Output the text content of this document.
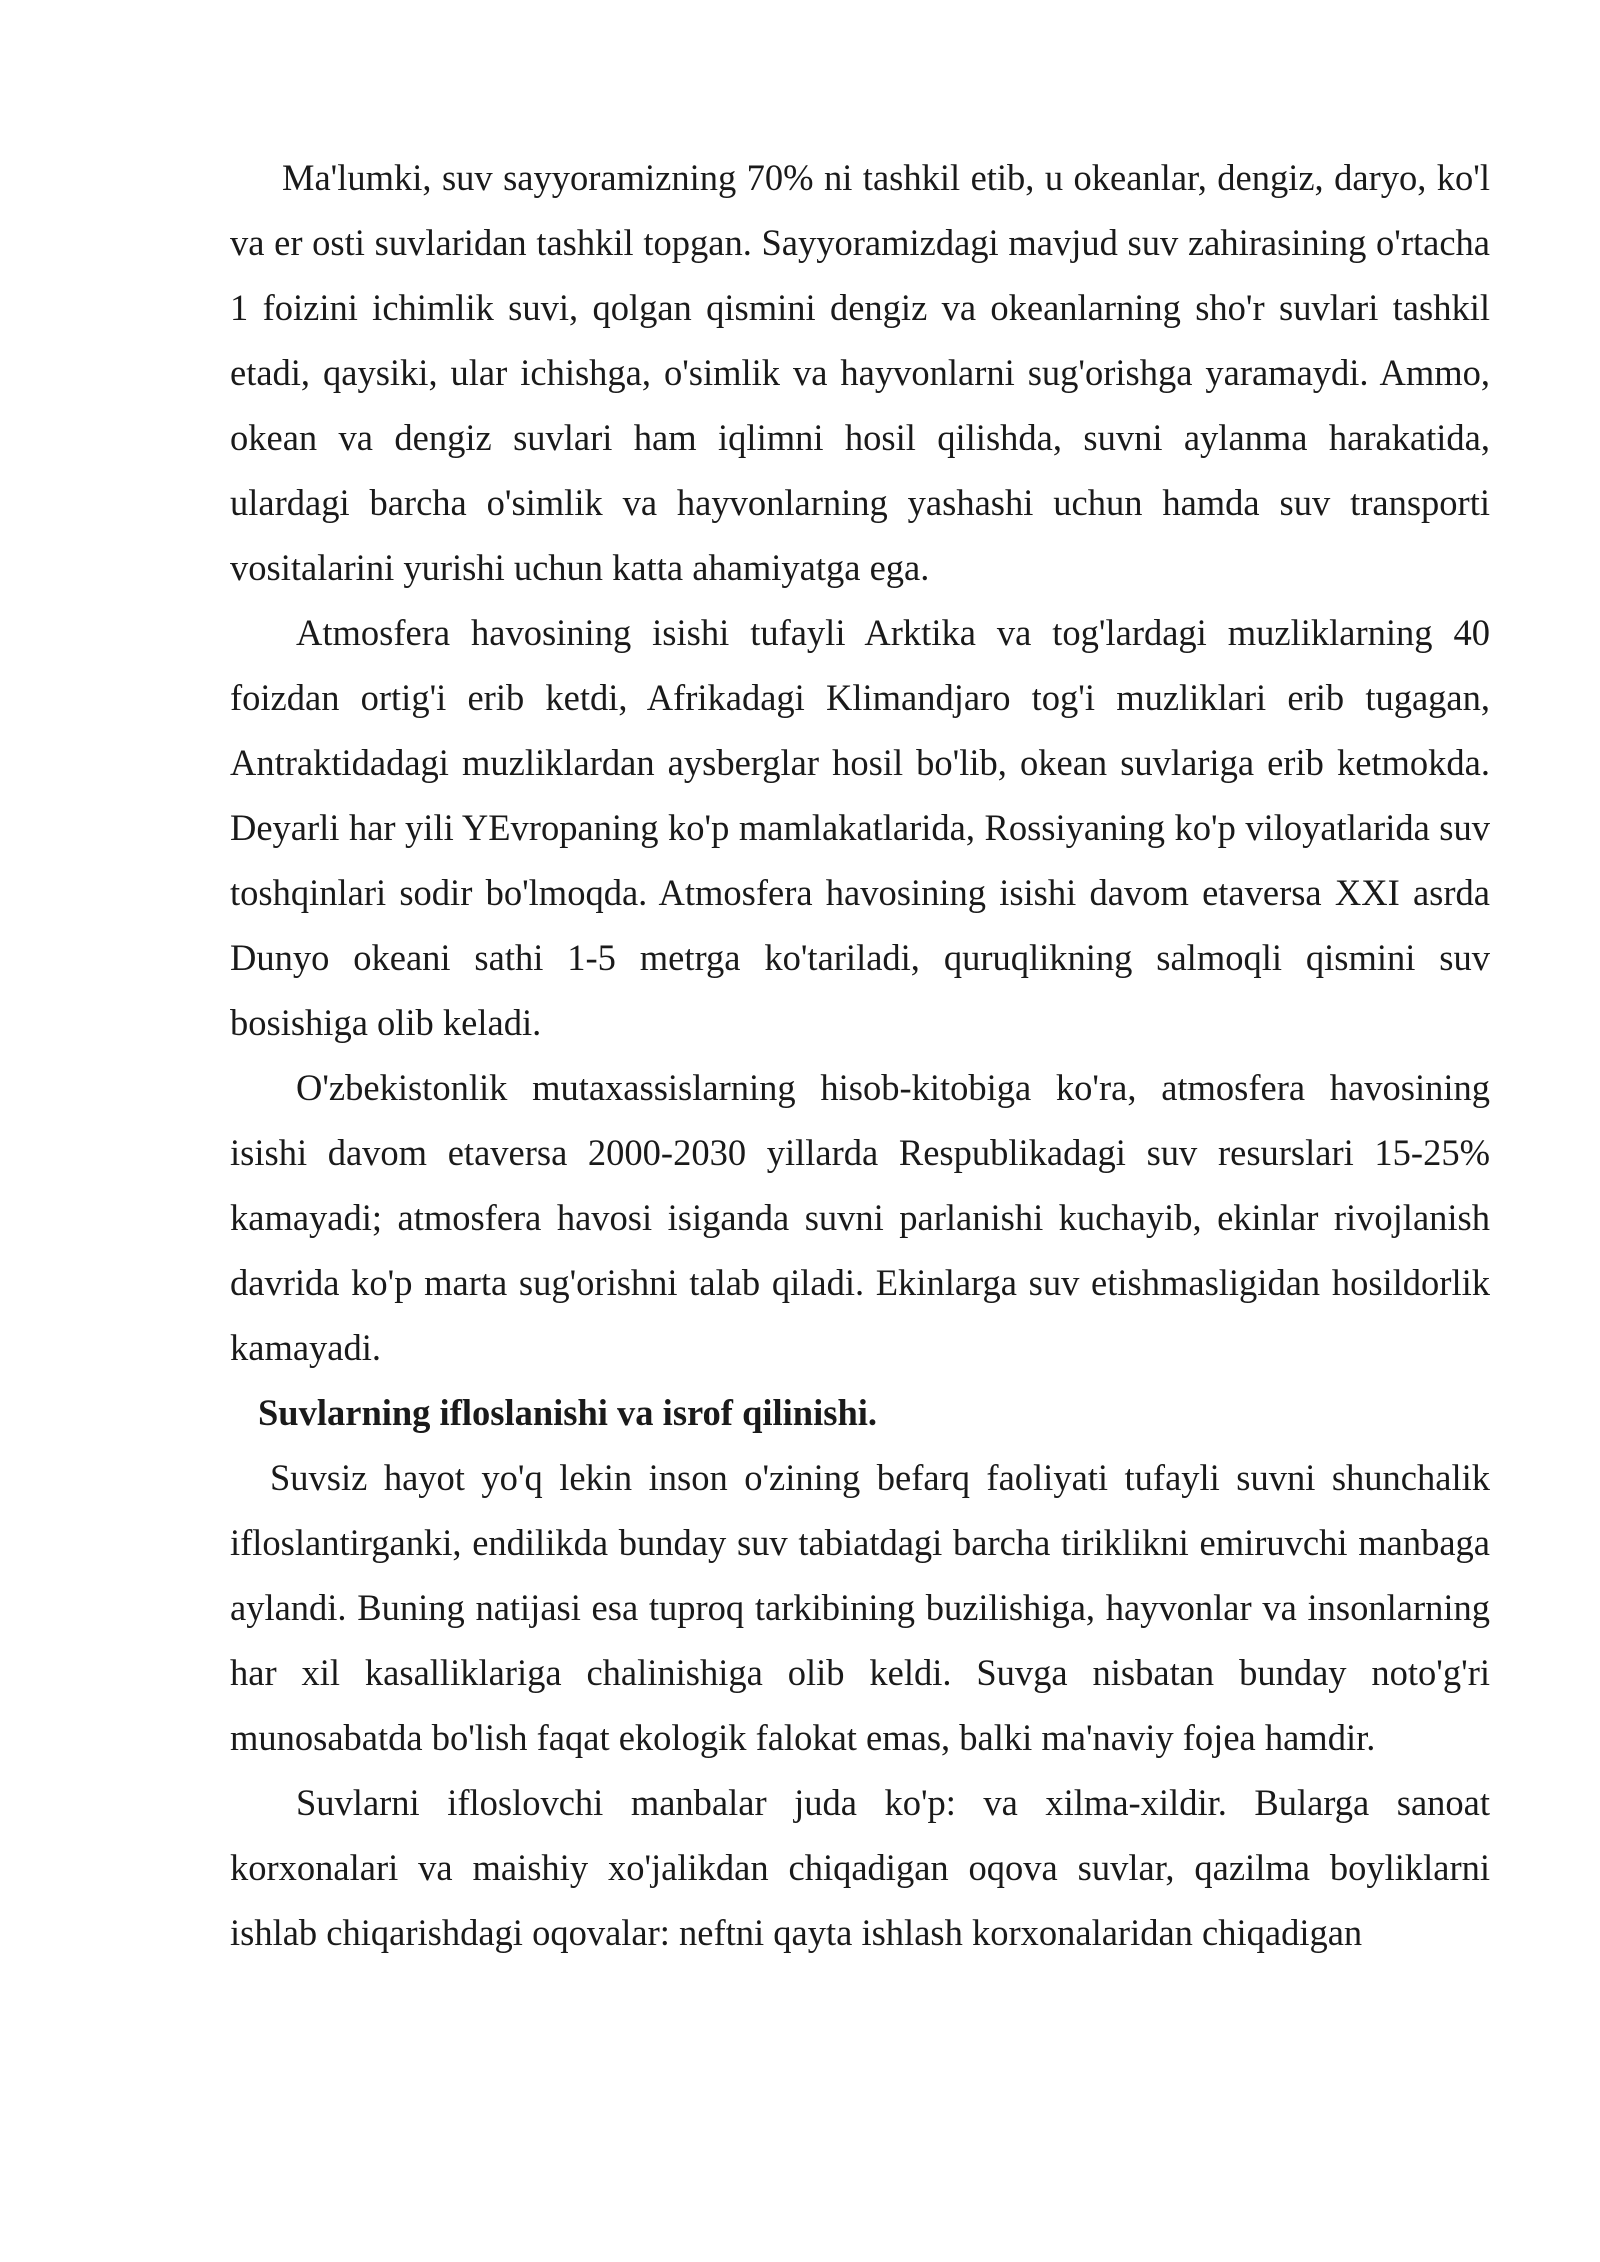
Ma'lumki, suv sayyoramizning 70% ni tashkil etib, u okeanlar, dengiz, daryo, ko'l va er osti suvlaridan tashkil topgan. Sayyoramizdagi mavjud suv zahirasining o'rtacha 1 foizini ichimlik suvi, qolgan qismini dengiz va okeanlarning sho'r suvlari tashkil etadi, qaysiki, ular ichishga, o'simlik va hayvonlarni sug'orishga yaramaydi. Ammo, okean va dengiz suvlari ham iqlimni hosil qilishda, suvni aylanma harakatida, ulardagi barcha o'simlik va hayvonlarning yashashi uchun hamda suv transporti vositalarini yurishi uchun katta ahamiyatga ega.

Atmosfera havosining isishi tufayli Arktika va tog'lardagi muzliklarning 40 foizdan ortig'i erib ketdi, Afrikadagi Klimandjaro tog'i muzliklari erib tugagan, Antraktidadagi muzliklardan aysberglar hosil bo'lib, okean suvlariga erib ketmokda. Deyarli har yili YEvropaning ko'p mamlakatlarida, Rossiyaning ko'p viloyatlarida suv toshqinlari sodir bo'lmoqda. Atmosfera havosining isishi davom etaversa XXI asrda Dunyo okeani sathi 1-5 metrga ko'tariladi, quruqlikning salmoqli qismini suv bosishiga olib keladi.

O'zbekistonlik mutaxassislarning hisob-kitobiga ko'ra, atmosfera havosining isishi davom etaversa 2000-2030 yillarda Respublikadagi suv resurslari 15-25% kamayadi; atmosfera havosi isiganda suvni parlanishi kuchayib, ekinlar rivojlanish davrida ko'p marta sug'orishni talab qiladi. Ekinlarga suv etishmasligidan hosildorlik kamayadi.

Suvlarning ifloslanishi va isrof qilinishi.

Suvsiz hayot yo'q lekin inson o'zining befarq faoliyati tufayli suvni shunchalik ifloslantirganki, endilikda bunday suv tabiatdagi barcha tiriklikni emiruvchi manbaga aylandi. Buning natijasi esa tuproq tarkibining buzilishiga, hayvonlar va insonlarning har xil kasalliklariga chalinishiga olib keldi. Suvga nisbatan bunday noto'g'ri munosabatda bo'lish faqat ekologik falokat emas, balki ma'naviy fojea hamdir.

Suvlarni ifloslovchi manbalar juda ko'p: va xilma-xildir. Bularga sanoat korxonalari va maishiy xo'jalikdan chiqadigan oqova suvlar, qazilma boyliklarni ishlab chiqarishdagi oqovalar: neftni qayta ishlash korxonalaridan chiqadigan
